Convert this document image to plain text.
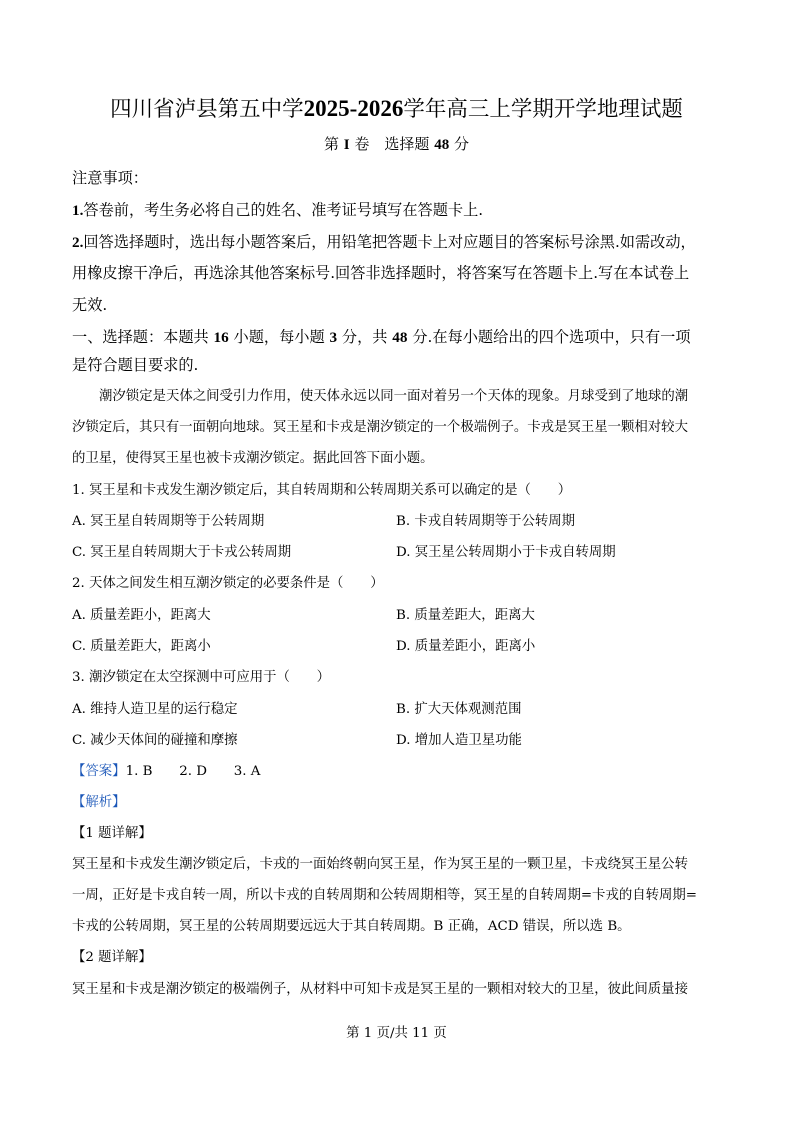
四川省泸县第五中学2025-2026学年高三上学期开学地理试题
第 I 卷　选择题 48 分
注意事项：
1.答卷前，考生务必将自己的姓名、准考证号填写在答题卡上.
2.回答选择题时，选出每小题答案后，用铅笔把答题卡上对应题目的答案标号涂黑.如需改动，
用橡皮擦干净后，再选涂其他答案标号.回答非选择题时，将答案写在答题卡上.写在本试卷上
无效.
一、选择题：本题共 16 小题，每小题 3 分，共 48 分.在每小题给出的四个选项中，只有一项
是符合题目要求的.
潮汐锁定是天体之间受引力作用，使天体永远以同一面对着另一个天体的现象。月球受到了地球的潮
汐锁定后，其只有一面朝向地球。冥王星和卡戎是潮汐锁定的一个极端例子。卡戎是冥王星一颗相对较大
的卫星，使得冥王星也被卡戎潮汐锁定。据此回答下面小题。
1. 冥王星和卡戎发生潮汐锁定后，其自转周期和公转周期关系可以确定的是（　　）
A. 冥王星自转周期等于公转周期	B. 卡戎自转周期等于公转周期
C. 冥王星自转周期大于卡戎公转周期	D. 冥王星公转周期小于卡戎自转周期
2. 天体之间发生相互潮汐锁定的必要条件是（　　）
A. 质量差距小，距离大	B. 质量差距大，距离大
C. 质量差距大，距离小	D. 质量差距小，距离小
3. 潮汐锁定在太空探测中可应用于（　　）
A. 维持人造卫星的运行稳定	B. 扩大天体观测范围
C. 减少天体间的碰撞和摩擦	D. 增加人造卫星功能
【答案】1. B　　2. D　　3. A
【解析】
【1 题详解】
冥王星和卡戎发生潮汐锁定后，卡戎的一面始终朝向冥王星，作为冥王星的一颗卫星，卡戎绕冥王星公转
一周，正好是卡戎自转一周，所以卡戎的自转周期和公转周期相等，冥王星的自转周期=卡戎的自转周期=
卡戎的公转周期，冥王星的公转周期要远远大于其自转周期。B 正确，ACD 错误，所以选 B。
【2 题详解】
冥王星和卡戎是潮汐锁定的极端例子，从材料中可知卡戎是冥王星的一颗相对较大的卫星，彼此间质量接
第 1 页/共 11 页
